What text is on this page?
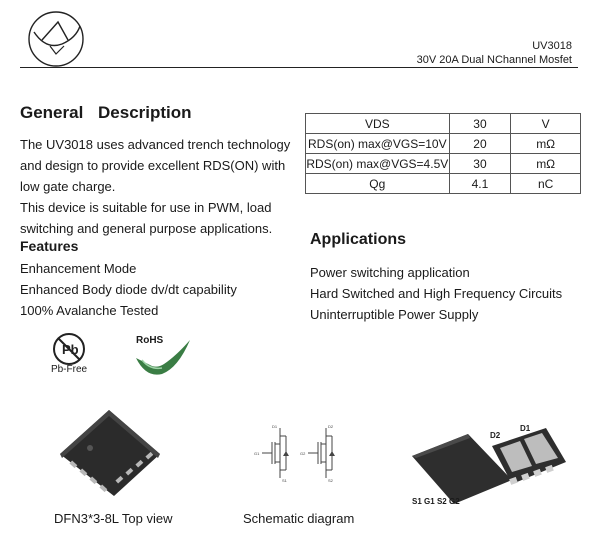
UV3018
30V 20A Dual NChannel Mosfet
General Description
The UV3018 uses advanced trench technology and design to provide excellent RDS(ON) with low gate charge.
This device is suitable for use in PWM, load switching and general purpose applications.
VDS	30	V
RDS(on) max@VGS=10V	20	mΩ
RDS(on) max@VGS=4.5V	30	mΩ
Qg	4.1	nC
Features
Enhancement Mode
Enhanced Body diode dv/dt capability
100% Avalanche Tested
Applications
Power switching application
Hard Switched and High Frequency Circuits
Uninterruptible Power Supply
Pb
Pb-Free
RoHS
D1
G1
S1
D2
G2
S2
D2
D1
S1 G1 S2 G2
DFN3*3-8L Top view	Schematic diagram
